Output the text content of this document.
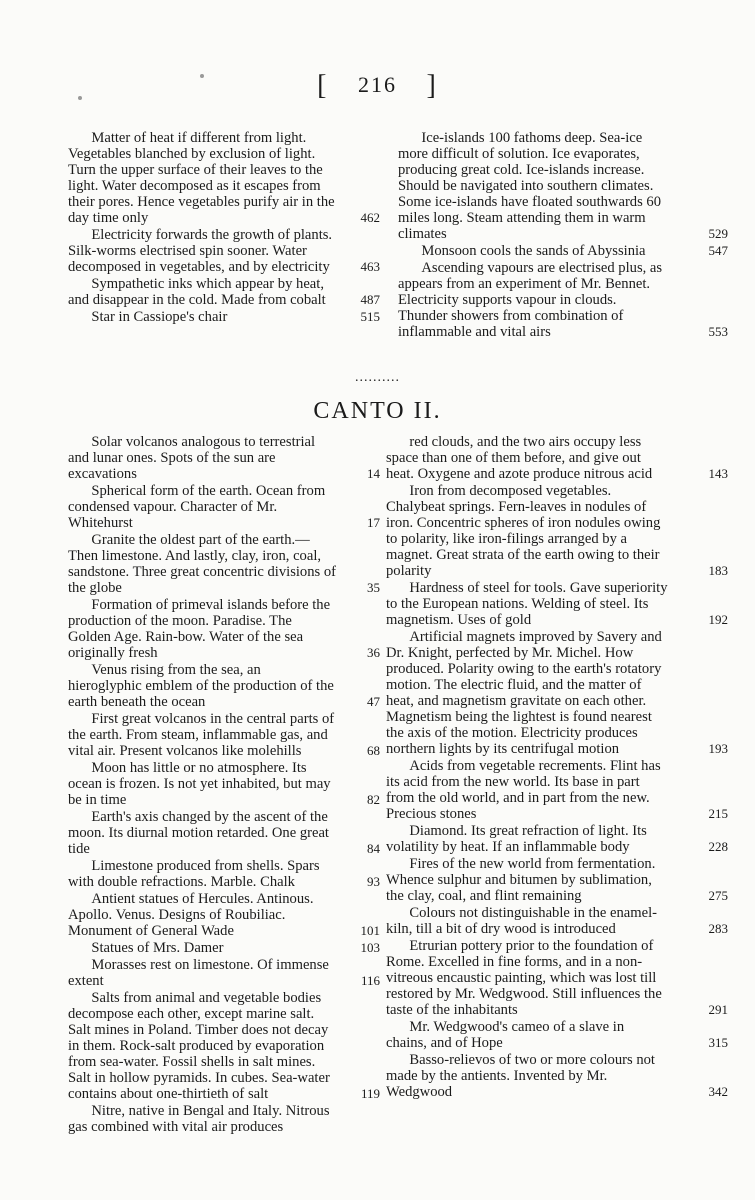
[ 216 ]
Matter of heat if different from light. Vegetables blanched by exclusion of light. Turn the upper surface of their leaves to the light. Water decomposed as it escapes from their pores. Hence vegetables purify air in the day time only	462
Electricity forwards the growth of plants. Silk-worms electrised spin sooner. Water decomposed in vegetables, and by electricity	463
Sympathetic inks which appear by heat, and disappear in the cold. Made from cobalt	487
Star in Cassiope's chair	515
Ice-islands 100 fathoms deep. Sea-ice more difficult of solution. Ice evaporates, producing great cold. Ice-islands increase. Should be navigated into southern climates. Some ice-islands have floated southwards 60 miles long. Steam attending them in warm climates	529
Monsoon cools the sands of Abyssinia	547
Ascending vapours are electrised plus, as appears from an experiment of Mr. Bennet. Electricity supports vapour in clouds. Thunder showers from combination of inflammable and vital airs	553
..........
CANTO II.
Solar volcanos analogous to terrestrial and lunar ones. Spots of the sun are excavations	14
Spherical form of the earth. Ocean from condensed vapour. Character of Mr. Whitehurst	17
Granite the oldest part of the earth.— Then limestone. And lastly, clay, iron, coal, sandstone. Three great concentric divisions of the globe	35
Formation of primeval islands before the production of the moon. Paradise. The Golden Age. Rain-bow. Water of the sea originally fresh	36
Venus rising from the sea, an hieroglyphic emblem of the production of the earth beneath the ocean	47
First great volcanos in the central parts of the earth. From steam, inflammable gas, and vital air. Present volcanos like molehills	68
Moon has little or no atmosphere. Its ocean is frozen. Is not yet inhabited, but may be in time	82
Earth's axis changed by the ascent of the moon. Its diurnal motion retarded. One great tide	84
Limestone produced from shells. Spars with double refractions. Marble. Chalk	93
Antient statues of Hercules. Antinous. Apollo. Venus. Designs of Roubiliac. Monument of General Wade	101
Statues of Mrs. Damer	103
Morasses rest on limestone. Of immense extent	116
Salts from animal and vegetable bodies decompose each other, except marine salt. Salt mines in Poland. Timber does not decay in them. Rock-salt produced by evaporation from sea-water. Fossil shells in salt mines. Salt in hollow pyramids. In cubes. Sea-water contains about one-thirtieth of salt	119
Nitre, native in Bengal and Italy. Nitrous gas combined with vital air produces
red clouds, and the two airs occupy less space than one of them before, and give out heat. Oxygene and azote produce nitrous acid	143
Iron from decomposed vegetables. Chalybeat springs. Fern-leaves in nodules of iron. Concentric spheres of iron nodules owing to polarity, like iron-filings arranged by a magnet. Great strata of the earth owing to their polarity	183
Hardness of steel for tools. Gave superiority to the European nations. Welding of steel. Its magnetism. Uses of gold	192
Artificial magnets improved by Savery and Dr. Knight, perfected by Mr. Michel. How produced. Polarity owing to the earth's rotatory motion. The electric fluid, and the matter of heat, and magnetism gravitate on each other. Magnetism being the lightest is found nearest the axis of the motion. Electricity produces northern lights by its centrifugal motion	193
Acids from vegetable recrements. Flint has its acid from the new world. Its base in part from the old world, and in part from the new. Precious stones	215
Diamond. Its great refraction of light. Its volatility by heat. If an inflammable body	228
Fires of the new world from fermentation. Whence sulphur and bitumen by sublimation, the clay, coal, and flint remaining	275
Colours not distinguishable in the enamel-kiln, till a bit of dry wood is introduced	283
Etrurian pottery prior to the foundation of Rome. Excelled in fine forms, and in a non-vitreous encaustic painting, which was lost till restored by Mr. Wedgwood. Still influences the taste of the inhabitants	291
Mr. Wedgwood's cameo of a slave in chains, and of Hope	315
Basso-relievos of two or more colours not made by the antients. Invented by Mr. Wedgwood	342
